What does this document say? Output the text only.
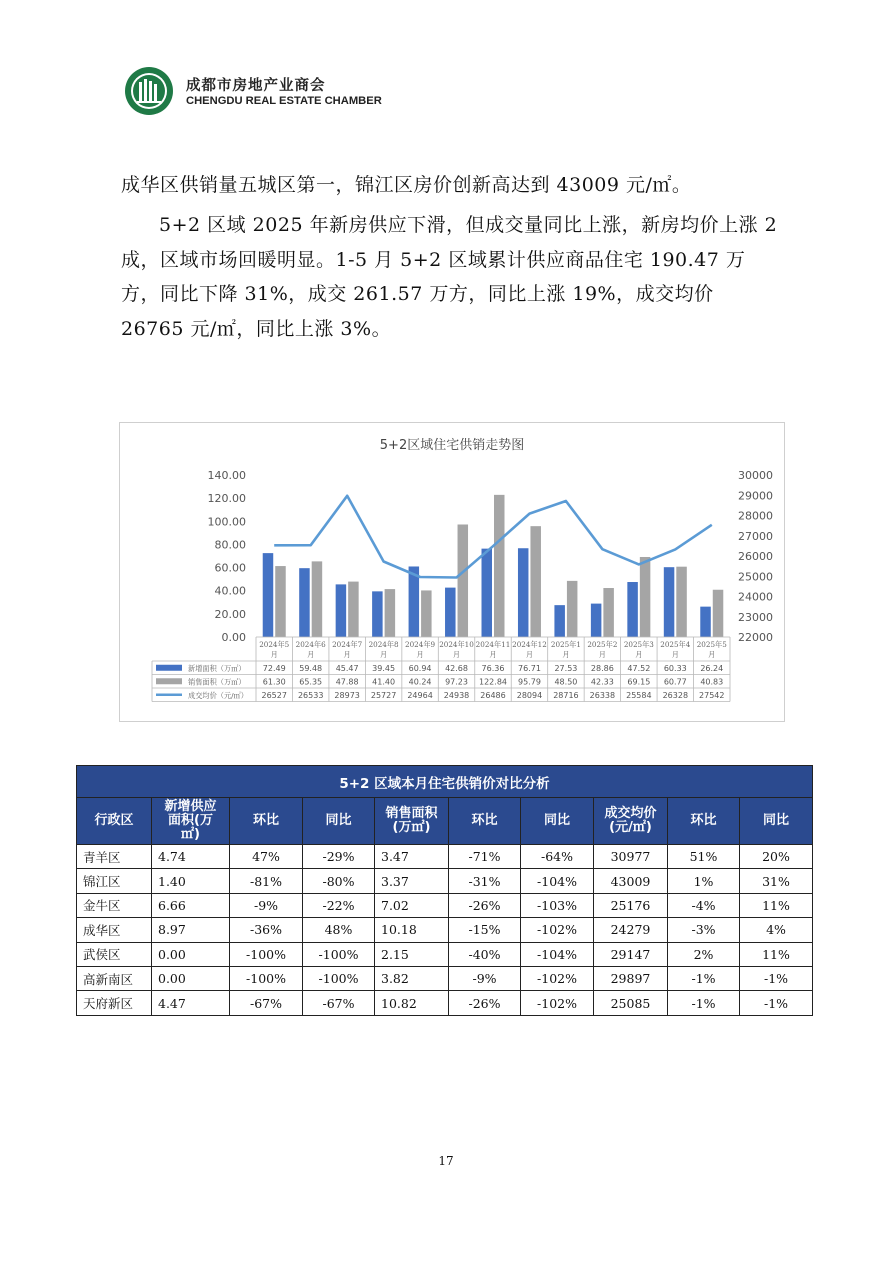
成都市房地产业商会
CHENGDU REAL ESTATE CHAMBER

成华区供销量五城区第一，锦江区房价创新高达到 43009 元/㎡。

5+2 区域 2025 年新房供应下滑，但成交量同比上涨，新房均价上涨 2 成，区域市场回暖明显。1-5 月 5+2 区域累计供应商品住宅 190.47 万方，同比下降 31%，成交 261.57 万方，同比上涨 19%，成交均价 26765 元/㎡，同比上涨 3%。

5+2区域住宅供销走势图
0.00
20.00
40.00
60.00
80.00
100.00
120.00
140.00
22000
23000
24000
25000
26000
27000
28000
29000
30000
2024年5
月
2024年6
月
2024年7
月
2024年8
月
2024年9
月
2024年10
月
2024年11
月
2024年12
月
2025年1
月
2025年2
月
2025年3
月
2025年4
月
2025年5
月
新增面积（万㎡） 72.49 59.48 45.47 39.45 60.94 42.68 76.36 76.71 27.53 28.86 47.52 60.33 26.24
销售面积（万㎡） 61.30 65.35 47.88 41.40 40.24 97.23 122.84 95.79 48.50 42.33 69.15 60.77 40.83
成交均价（元/㎡） 26527 26533 28973 25727 24964 24938 26486 28094 28716 26338 25584 26328 27542
5+2 区域本月住宅供销价对比分析									
行政区	新增供应
面积(万
㎡)	环比	同比	销售面积
(万㎡)	环比	同比	成交均价
(元/㎡)	环比	同比
青羊区	4.74	47%	-29%	3.47	-71%	-64%	30977	51%	20%
锦江区	1.40	-81%	-80%	3.37	-31%	-104%	43009	1%	31%
金牛区	6.66	-9%	-22%	7.02	-26%	-103%	25176	-4%	11%
成华区	8.97	-36%	48%	10.18	-15%	-102%	24279	-3%	4%
武侯区	0.00	-100%	-100%	2.15	-40%	-104%	29147	2%	11%
高新南区	0.00	-100%	-100%	3.82	-9%	-102%	29897	-1%	-1%
天府新区	4.47	-67%	-67%	10.82	-26%	-102%	25085	-1%	-1%
17
